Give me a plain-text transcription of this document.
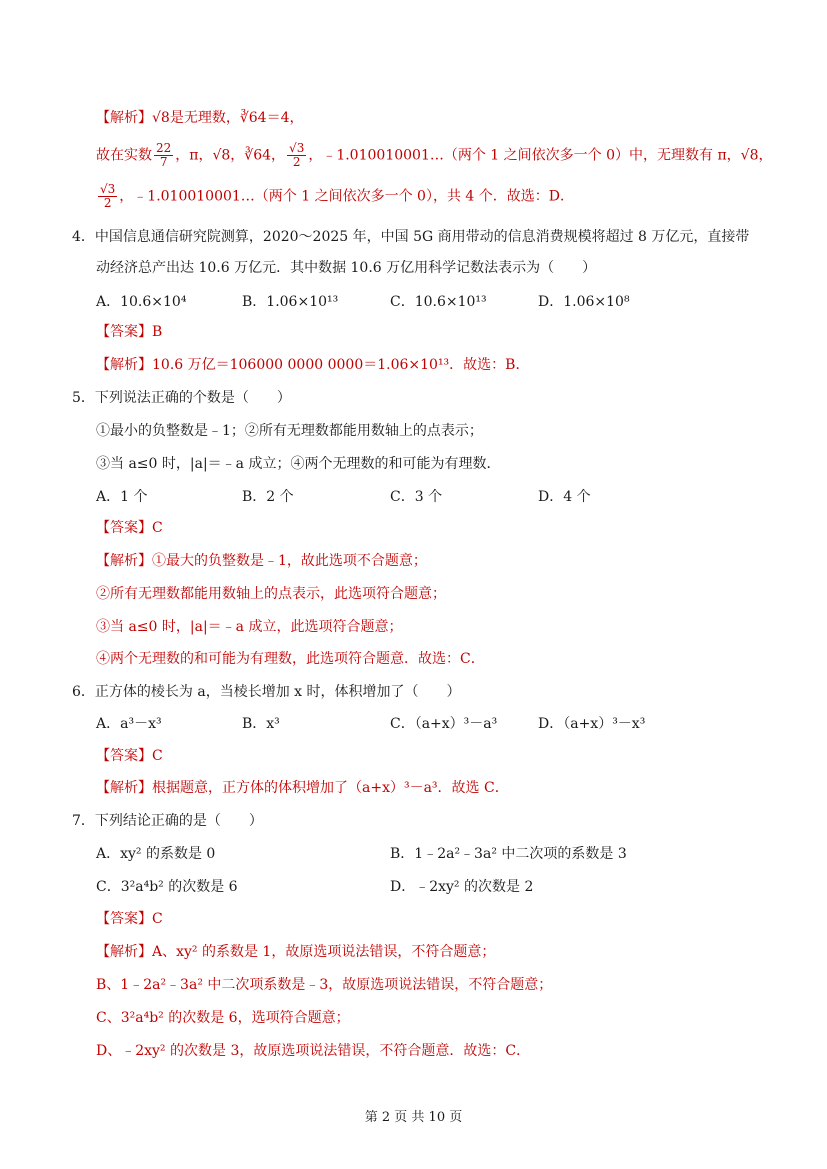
【解析】√8是无理数，∛64＝4，
故在实数 $\frac{22}{7}$ ，π，√8，∛64， $\frac{√3}{2}$ ，﹣1.010010001…（两个 1 之间依次多一个 0）中，无理数有 π，√8，
$\frac{√3}{2}$ ，﹣1.010010001…（两个 1 之间依次多一个 0），共 4 个．故选：D．
4．中国信息通信研究院测算，2020～2025 年，中国 5G 商用带动的信息消费规模将超过 8 万亿元，直接带
动经济总产出达 10.6 万亿元．其中数据 10.6 万亿用科学记数法表示为（　　）
A．10.6×10⁴	B．1.06×10¹³	C．10.6×10¹³	D．1.06×10⁸
【答案】B
【解析】10.6 万亿＝106000 0000 0000＝1.06×10¹³．故选：B．
5．下列说法正确的个数是（　　）
①最小的负整数是﹣1；②所有无理数都能用数轴上的点表示；
③当 a≤0 时，|a|＝﹣a 成立；④两个无理数的和可能为有理数．
A．1 个	B．2 个	C．3 个	D．4 个
【答案】C
【解析】①最大的负整数是﹣1，故此选项不合题意；
②所有无理数都能用数轴上的点表示，此选项符合题意；
③当 a≤0 时，|a|＝﹣a 成立，此选项符合题意；
④两个无理数的和可能为有理数，此选项符合题意．故选：C．
6．正方体的棱长为 a，当棱长增加 x 时，体积增加了（　　）
A．a³－x³	B．x³	C．（a+x）³－a³	D．（a+x）³－x³
【答案】C
【解析】根据题意，正方体的体积增加了（a+x）³－a³．故选 C．
7．下列结论正确的是（　　）
A．xy² 的系数是 0	B．1﹣2a²﹣3a² 中二次项的系数是 3
C．3²a⁴b² 的次数是 6	D．﹣2xy² 的次数是 2
【答案】C
【解析】A、xy² 的系数是 1，故原选项说法错误，不符合题意；
B、1﹣2a²﹣3a² 中二次项系数是﹣3，故原选项说法错误，不符合题意；
C、3²a⁴b² 的次数是 6，选项符合题意；
D、﹣2xy² 的次数是 3，故原选项说法错误，不符合题意．故选：C．
第 2 页 共 10 页
